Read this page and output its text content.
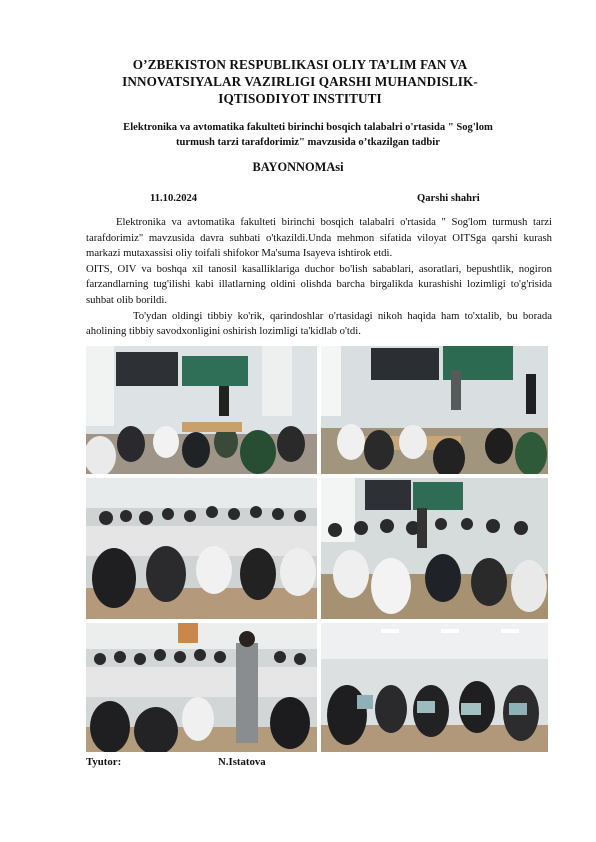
O’ZBEKISTON RESPUBLIKASI OLIY TA’LIM FAN VA
INNOVATSIYALAR VAZIRLIGI QARSHI MUHANDISLIK-
IQTISODIYOT INSTITUTI
Elektronika va avtomatika fakulteti birinchi bosqich talabalri o'rtasida " Sog'lom
turmush tarzi tarafdorimiz" mavzusida o’tkazilgan tadbir
BAYONNOMAsi
11.10.2024	Qarshi shahri

Elektronika va avtomatika fakulteti birinchi bosqich talabalri o'rtasida " Sog'lom turmush tarzi tarafdorimiz" mavzusida davra suhbati o'tkazildi.Unda mehmon sifatida viloyat OITSga qarshi kurash markazi mutaxassisi oliy toifali shifokor Ma'suma Isayeva ishtirok etdi.

OITS, OIV va boshqa xil tanosil kasalliklariga duchor bo'lish sabablari, asoratlari, bepushtlik, nogiron farzandlarning tug'ilishi kabi illatlarning oldini olishda barcha birgalikda kurashishi lozimligi to'g'risida suhbat olib borildi.

To'ydan oldingi tibbiy ko'rik, qarindoshlar o'rtasidagi nikoh haqida ham to'xtalib, bu borada aholining tibbiy savodxonligini oshirish lozimligi ta'kidlab o'tdi.

Tyutor:	N.Istatova
